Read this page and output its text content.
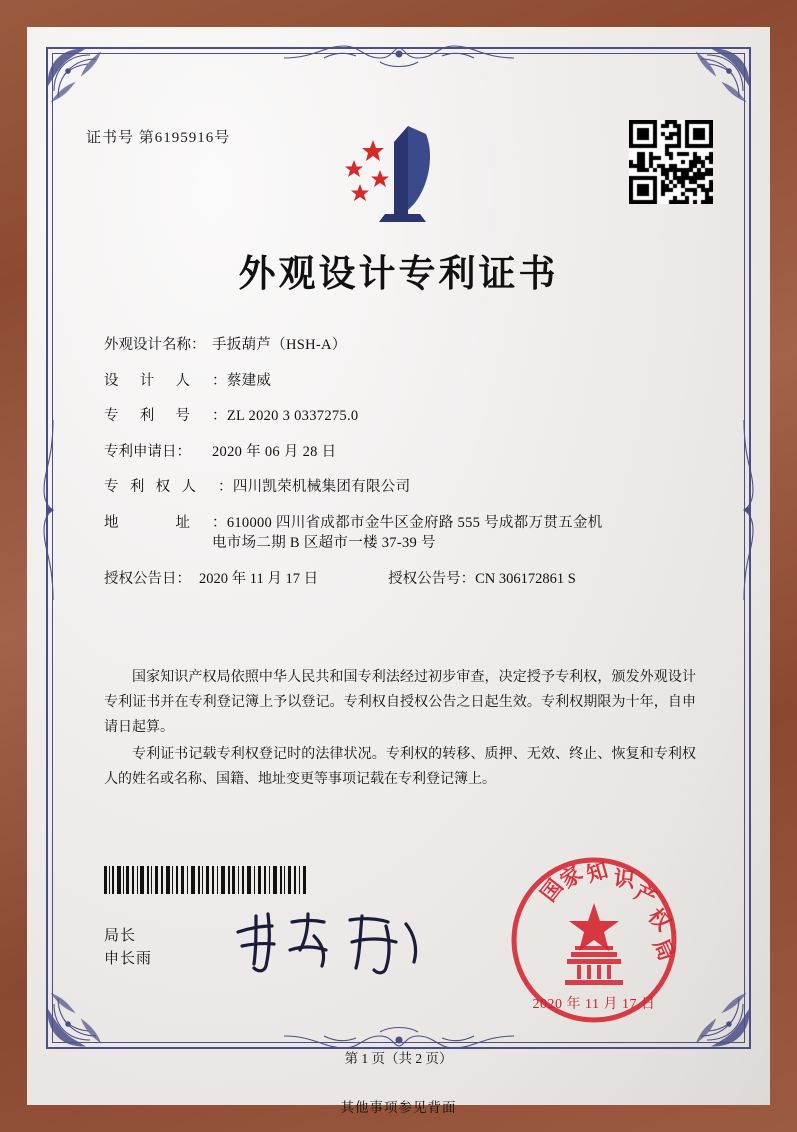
证书号 第6195916号
外观设计专利证书
外观设计名称： 手扳葫芦（HSH-A）
设 计 人 ：蔡建威
专 利 号 ：ZL 2020 3 0337275.0
专利申请日：	2020 年 06 月 28 日
专 利 权 人 ：四川凯荣机械集团有限公司
地	址 ：610000 四川省成都市金牛区金府路 555 号成都万贯五金机
电市场二期 B 区超市一楼 37-39 号
授权公告日： 2020 年 11 月 17 日	授权公告号： CN 306172861 S

国家知识产权局依照中华人民共和国专利法经过初步审查，决定授予专利权，颁发外观设计专利证书并在专利登记簿上予以登记。专利权自授权公告之日起生效。专利权期限为十年，自申请日起算。

专利证书记载专利权登记时的法律状况。专利权的转移、质押、无效、终止、恢复和专利权人的姓名或名称、国籍、地址变更等事项记载在专利登记簿上。

局长
申长雨
国
家
知 识
产
权
局
2020 年 11 月 17 日
第 1 页（共 2 页）
其他事项参见背面
